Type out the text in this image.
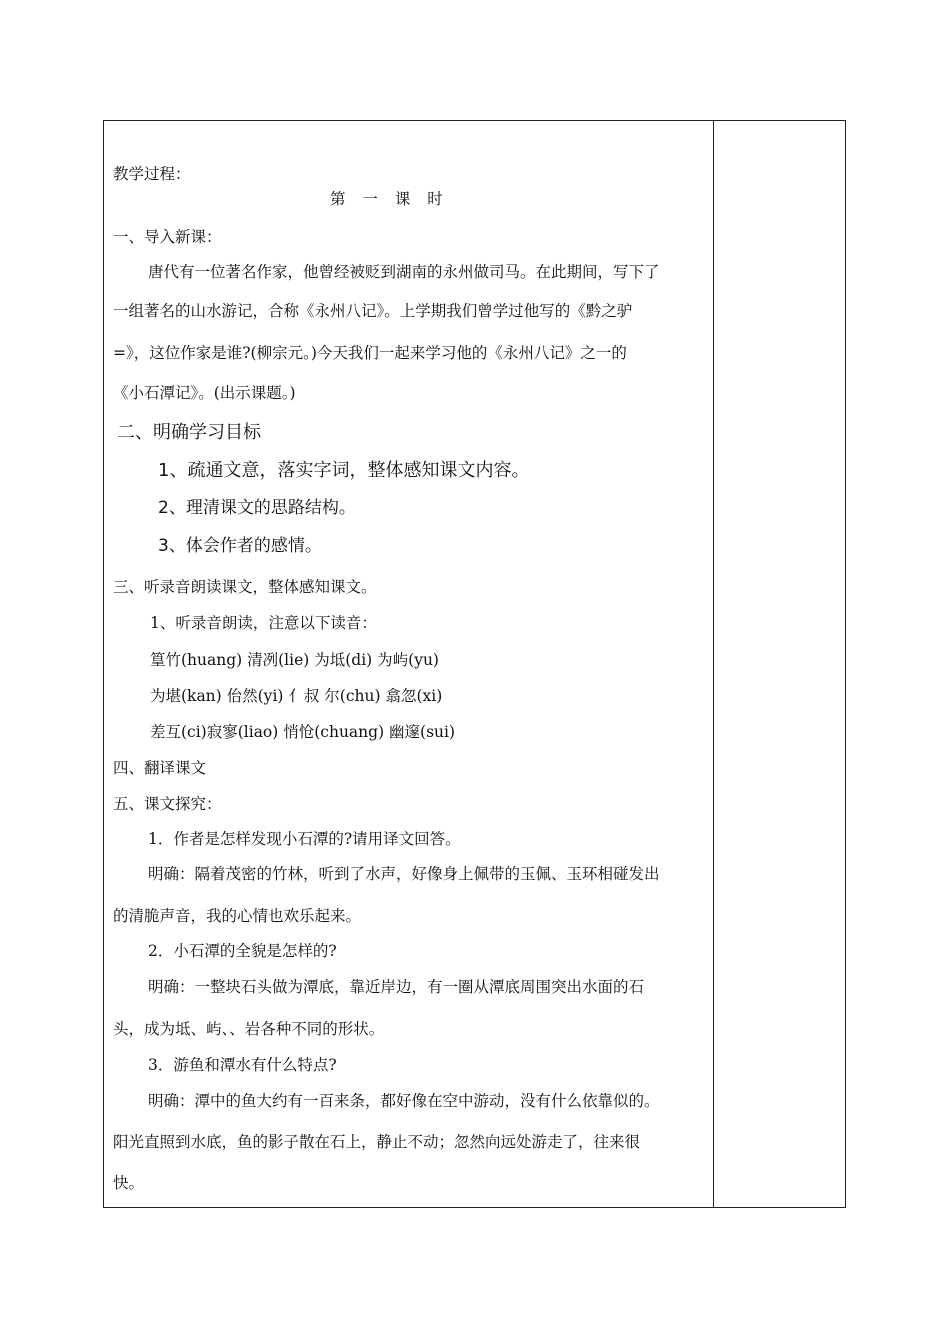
教学过程：
第 一 课 时
一、导入新课：
唐代有一位著名作家，他曾经被贬到湖南的永州做司马。在此期间，写下了
一组著名的山水游记，合称《永州八记》。上学期我们曾学过他写的《黔之驴
=》，这位作家是谁?(柳宗元。)今天我们一起来学习他的《永州八记》之一的
《小石潭记》。(出示课题。)
二、明确学习目标
1、疏通文意，落实字词，整体感知课文内容。
2、理清课文的思路结构。
3、体会作者的感情。
三、听录音朗读课文，整体感知课文。
1、听录音朗读，注意以下读音：
篁竹(huang) 清冽(lie) 为坻(di) 为屿(yu)
为堪(kan) 佁然(yi) 亻叔 尔(chu) 翕忽(xi)
差互(ci)寂寥(liao) 悄怆(chuang) 幽邃(sui)
四、翻译课文
五、课文探究：
1．作者是怎样发现小石潭的?请用译文回答。
明确：隔着茂密的竹林，听到了水声，好像身上佩带的玉佩、玉环相碰发出
的清脆声音，我的心情也欢乐起来。
2．小石潭的全貌是怎样的?
明确：一整块石头做为潭底，靠近岸边，有一圈从潭底周围突出水面的石
头，成为坻、屿、、岩各种不同的形状。
3．游鱼和潭水有什么特点?
明确：潭中的鱼大约有一百来条，都好像在空中游动，没有什么依靠似的。
阳光直照到水底，鱼的影子散在石上，静止不动；忽然向远处游走了，往来很
快。
